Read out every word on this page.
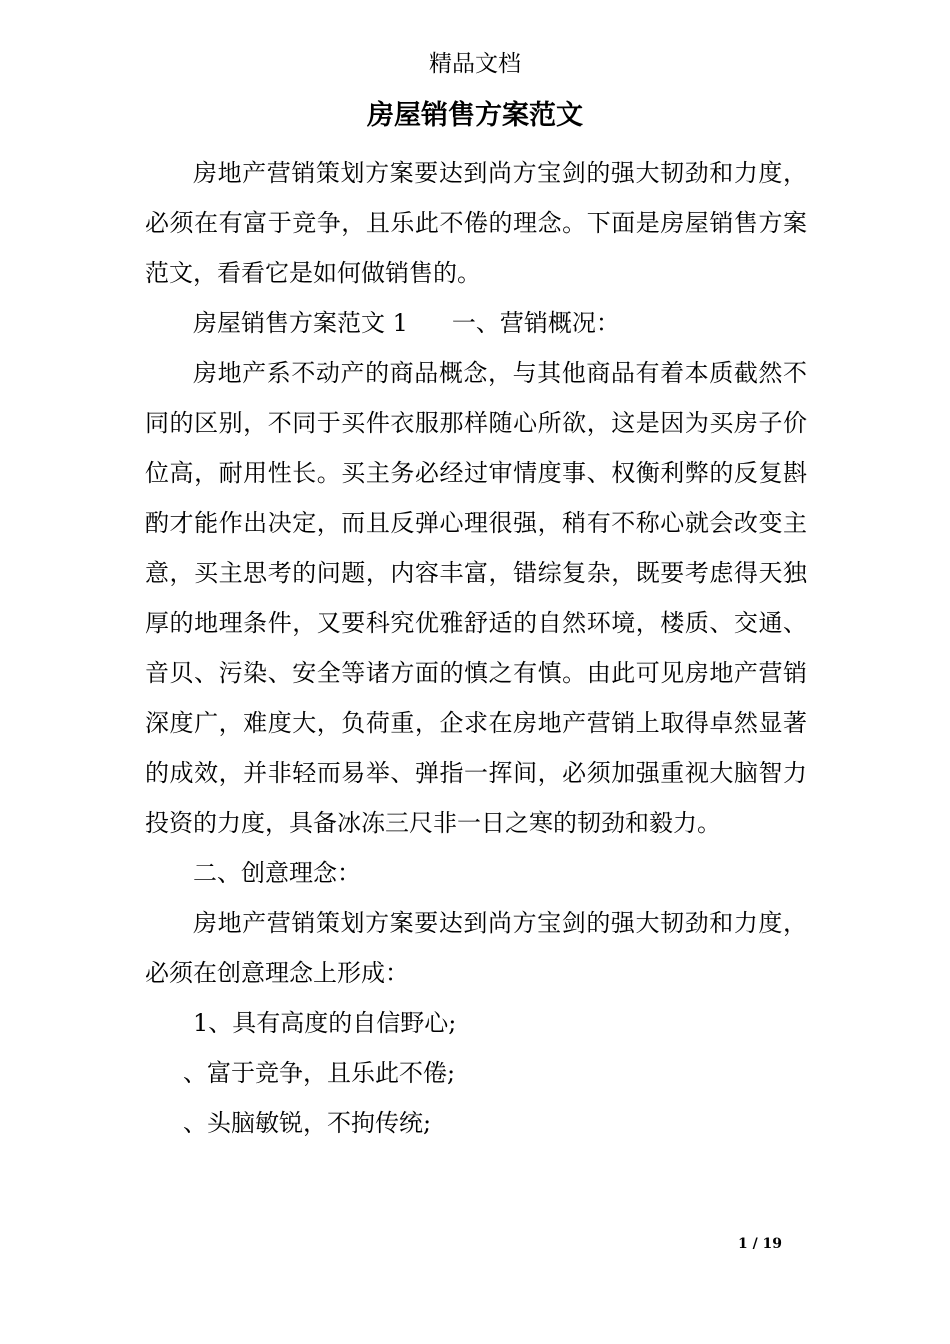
精品文档
房屋销售方案范文

房地产营销策划方案要达到尚方宝剑的强大韧劲和力度，必须在有富于竞争，且乐此不倦的理念。下面是房屋销售方案范文，看看它是如何做销售的。

房屋销售方案范文 1 一、营销概况：

房地产系不动产的商品概念，与其他商品有着本质截然不同的区别，不同于买件衣服那样随心所欲，这是因为买房子价位高，耐用性长。买主务必经过审情度事、权衡利弊的反复斟酌才能作出决定，而且反弹心理很强，稍有不称心就会改变主意，买主思考的问题，内容丰富，错综复杂，既要考虑得天独厚的地理条件，又要科究优雅舒适的自然环境，楼质、交通、音贝、污染、安全等诸方面的慎之有慎。由此可见房地产营销深度广，难度大，负荷重，企求在房地产营销上取得卓然显著的成效，并非轻而易举、弹指一挥间，必须加强重视大脑智力投资的力度，具备冰冻三尺非一日之寒的韧劲和毅力。

二、创意理念：

房地产营销策划方案要达到尚方宝剑的强大韧劲和力度，必须在创意理念上形成：

1、具有高度的自信野心;

、富于竞争，且乐此不倦;

、头脑敏锐，不拘传统;

1 / 19
